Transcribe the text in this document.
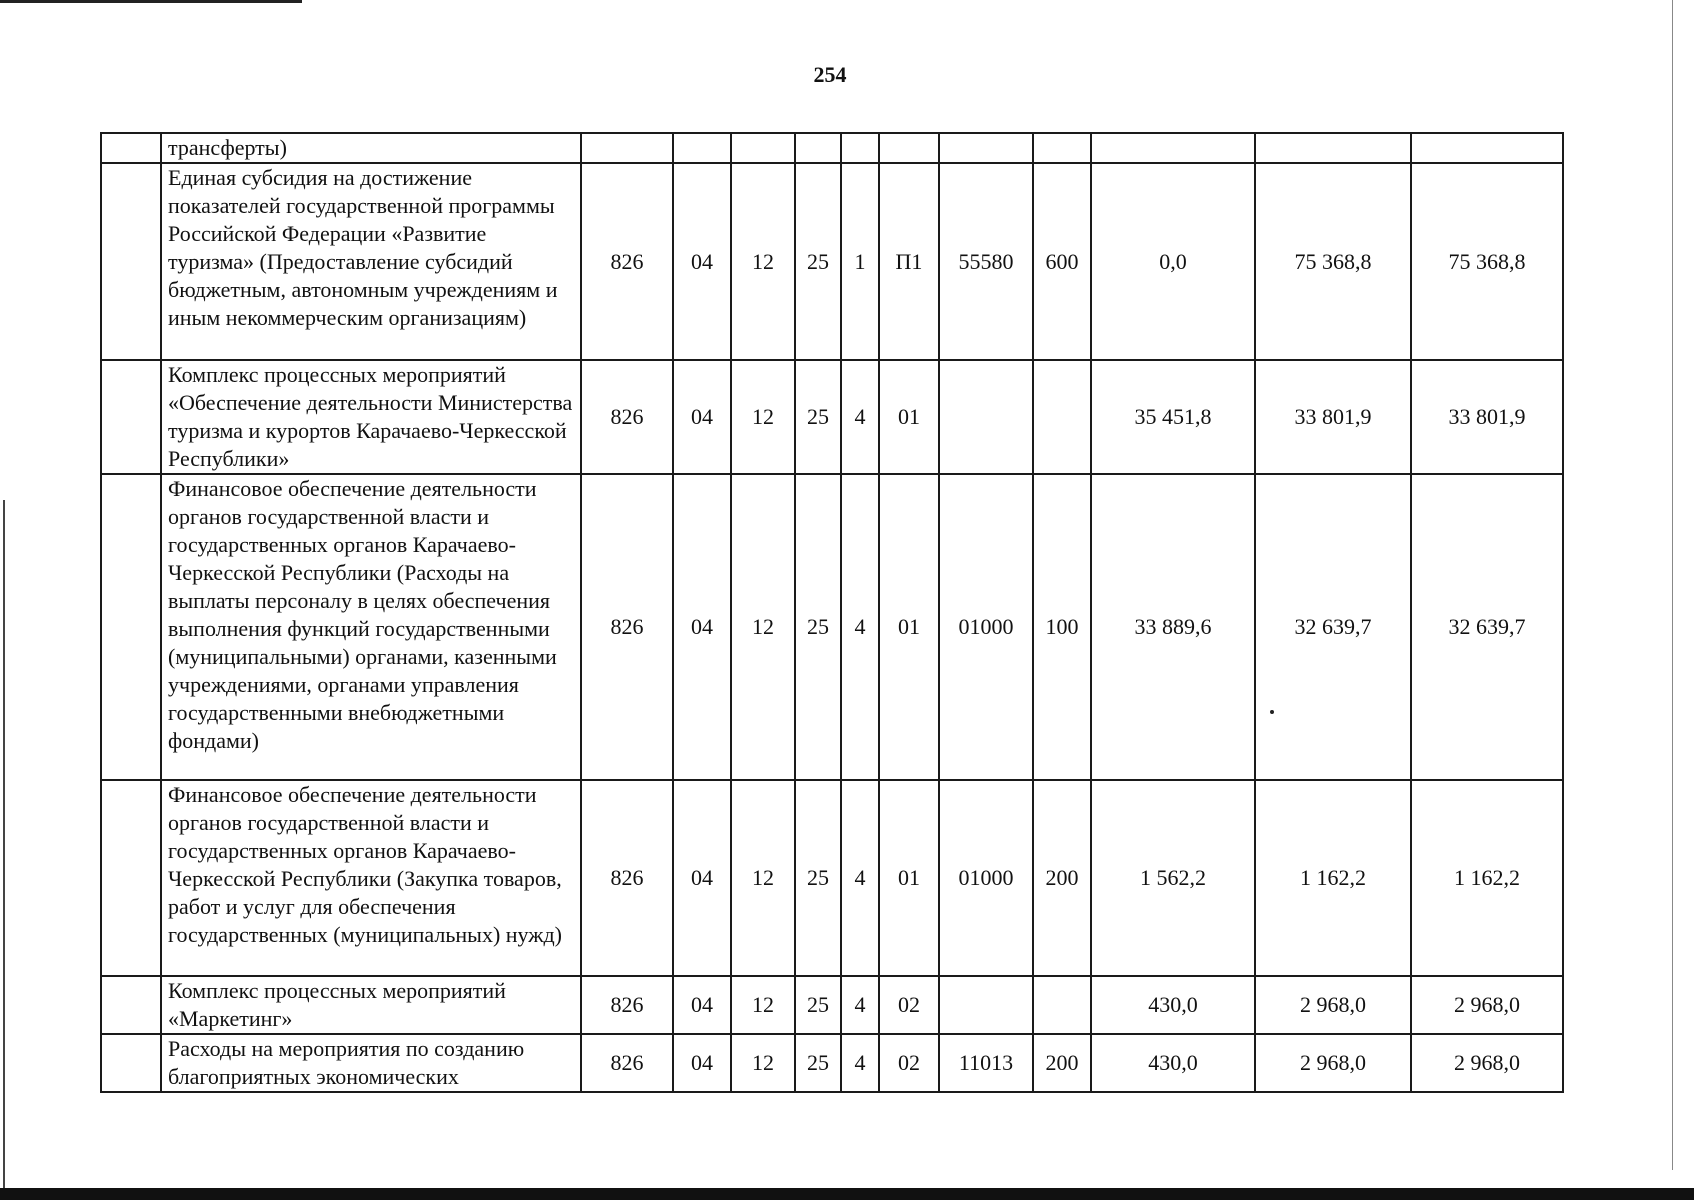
254
	трансферты)											
	Единая субсидия на достижение показателей государственной программы Российской Федерации «Развитие туризма» (Предоставление субсидий бюджетным, автономным учреждениям и иным некоммерческим организациям)	826	04	12	25	1	П1	55580	600	0,0	75 368,8	75 368,8
	Комплекс процессных мероприятий «Обеспечение деятельности Министерства туризма и курортов Карачаево-Черкесской Республики»	826	04	12	25	4	01			35 451,8	33 801,9	33 801,9
	Финансовое обеспечение деятельности органов государственной власти и государственных органов Карачаево-Черкесской Республики (Расходы на выплаты персоналу в целях обеспечения выполнения функций государственными (муниципальными) органами, казенными учреждениями, органами управления государственными внебюджетными фондами)	826	04	12	25	4	01	01000	100	33 889,6	32 639,7	32 639,7
	Финансовое обеспечение деятельности органов государственной власти и государственных органов Карачаево-Черкесской Республики (Закупка товаров, работ и услуг для обеспечения государственных (муниципальных) нужд)	826	04	12	25	4	01	01000	200	1 562,2	1 162,2	1 162,2
	Комплекс процессных мероприятий «Маркетинг»	826	04	12	25	4	02			430,0	2 968,0	2 968,0
	Расходы на мероприятия по созданию благоприятных экономических	826	04	12	25	4	02	11013	200	430,0	2 968,0	2 968,0
